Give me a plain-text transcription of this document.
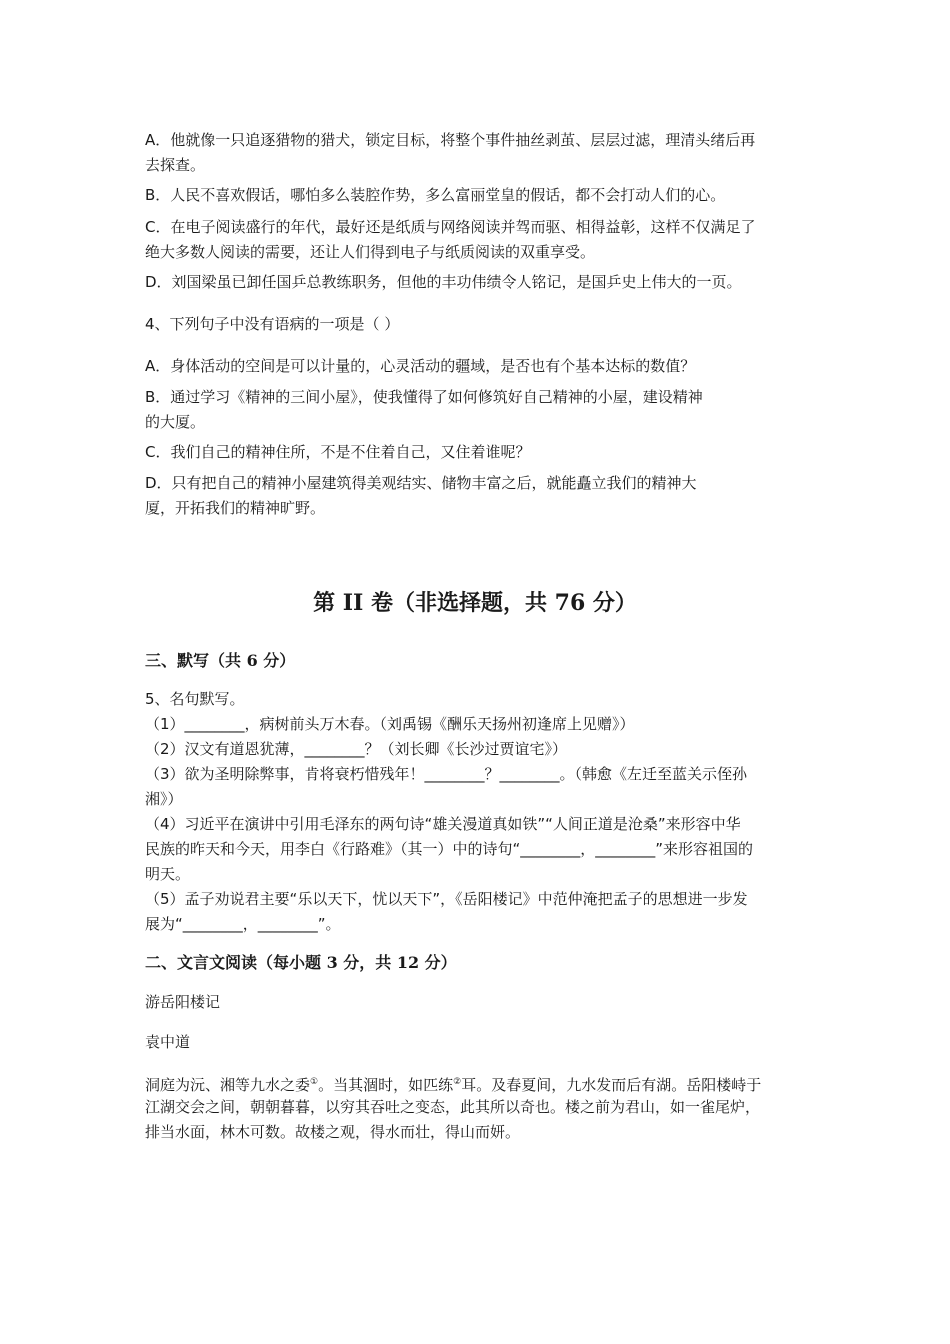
A．他就像一只追逐猎物的猎犬，锁定目标，将整个事件抽丝剥茧、层层过滤，理清头绪后再
去探查。
B．人民不喜欢假话，哪怕多么装腔作势，多么富丽堂皇的假话，都不会打动人们的心。
C．在电子阅读盛行的年代，最好还是纸质与网络阅读并驾而驱、相得益彰，这样不仅满足了
绝大多数人阅读的需要，还让人们得到电子与纸质阅读的双重享受。
D．刘国梁虽已卸任国乒总教练职务，但他的丰功伟绩令人铭记，是国乒史上伟大的一页。
4、下列句子中没有语病的一项是（ ）
A．身体活动的空间是可以计量的，心灵活动的疆域，是否也有个基本达标的数值？
B．通过学习《精神的三间小屋》，使我懂得了如何修筑好自己精神的小屋，建设精神
的大厦。
C．我们自己的精神住所，不是不住着自己，又住着谁呢？
D．只有把自己的精神小屋建筑得美观结实、储物丰富之后，就能矗立我们的精神大
厦，开拓我们的精神旷野。
第 II 卷（非选择题，共 76 分）
三、默写（共 6 分）
5、名句默写。
（1）________，病树前头万木春。（刘禹锡《酬乐天扬州初逢席上见赠》）
（2）汉文有道恩犹薄，________？（刘长卿《长沙过贾谊宅》）
（3）欲为圣明除弊事，肯将衰朽惜残年！________？________。（韩愈《左迁至蓝关示侄孙
湘》）
（4）习近平在演讲中引用毛泽东的两句诗“雄关漫道真如铁”“人间正道是沧桑”来形容中华
民族的昨天和今天，用李白《行路难》（其一）中的诗句“________，________”来形容祖国的
明天。
（5）孟子劝说君主要“乐以天下，忧以天下”，《岳阳楼记》中范仲淹把孟子的思想进一步发
展为“________，________”。
二、文言文阅读（每小题 3 分，共 12 分）
游岳阳楼记
袁中道
洞庭为沅、湘等九水之委①。当其涸时，如匹练②耳。及春夏间，九水发而后有湖。岳阳楼峙于
江湖交会之间，朝朝暮暮，以穷其吞吐之变态，此其所以奇也。楼之前为君山，如一雀尾炉，
排当水面，林木可数。故楼之观，得水而壮，得山而妍。
